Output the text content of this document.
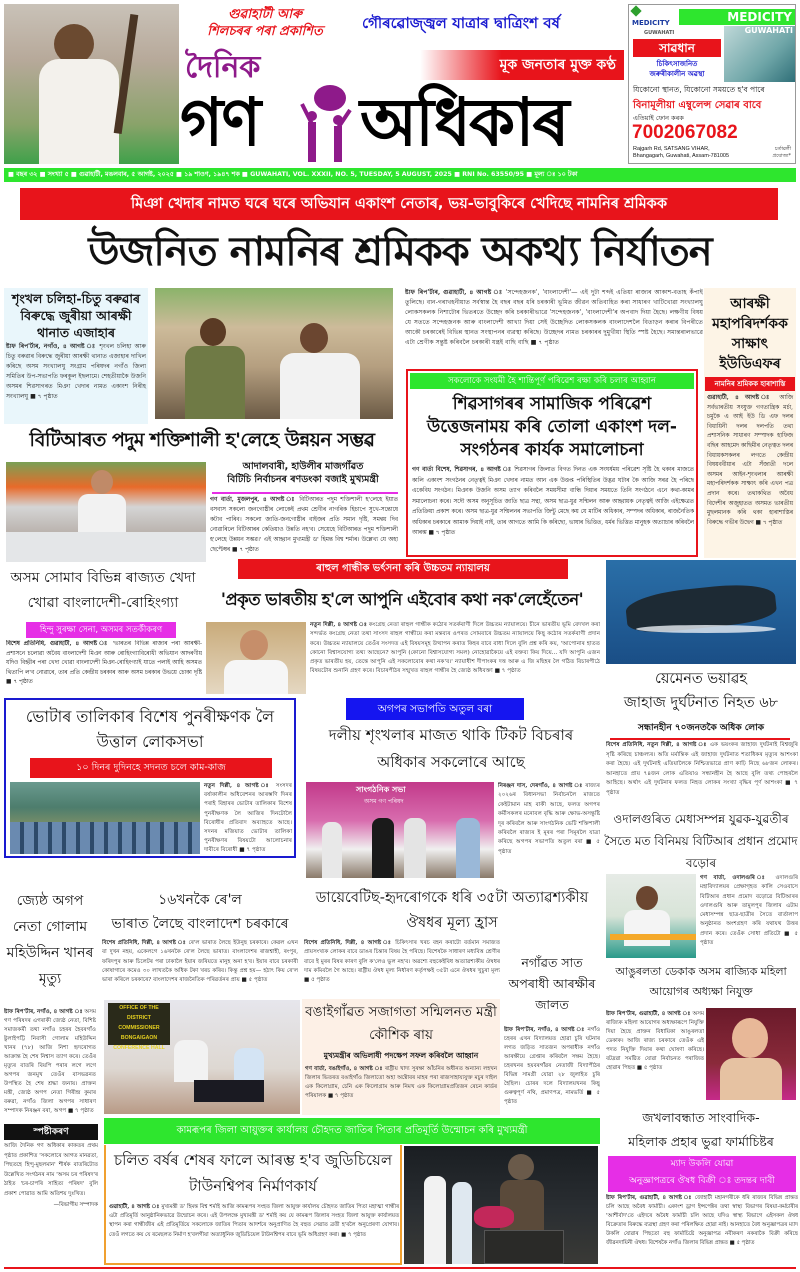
গুৱাহাটী আৰু
শিলচৰৰ পৰা প্ৰকাশিত	গৌৰৱোজ্জ্বল যাত্ৰাৰ দ্বাত্ৰিংশ বৰ্ষ
মূক জনতাৰ মুক্ত কণ্ঠ
দৈনিক
গণ অধিকাৰ
MEDICITY
GUWAHATI
MEDICITY
GUWAHATI
সাৱধান
চিকিৎসাজনিত
জৰুৰীকালীন অৱস্থা
যিকোনো স্থানত, যিকোনো সময়তে হ'ব পাৰে
বিনামূলীয়া এম্বুলেন্স সেৱাৰ বাবে
এতিয়াই ফোন কৰক
7002067082
Rajgarh Rd, SATSANG VIHAR,
Bhangagarh, Guwahati, Assam-781005
চৰ্তাৱলী
প্ৰযোজ্য*
■ বছৰ ৩২ ■ সংখ্যা ৫ ■ গুৱাহাটী, মঙলবাৰ, ৫ আগষ্ট, ২০২৫ ■ ১৯ শাওণ, ১৯৪৭ শক ■ GUWAHATI, VOL. XXXII, NO. 5, TUESDAY, 5 AUGUST, 2025 ■ RNI No. 63550/95 ■ মূল্য ঃ ১০ টকা
মিঞা খেদাৰ নামত ঘৰে ঘৰে অভিযান একাংশ নেতাৰ, ভয়-ভাবুকিৰে খেদিছে নামনিৰ শ্ৰমিকক
উজনিত নামনিৰ শ্ৰমিকক অকথ্য নিৰ্যাতন
শৃংখল চলিহা-চিতু বৰুৱাৰ বিৰুদ্ধে জুৰীয়া আৰক্ষী থানাত এজাহাৰ
ষ্টাফ ৰিপ'ৰ্টাৰ, নগাঁও, ৪ আগষ্ট ঃ শৃংখল চলিহা আৰু চিতু বৰুৱাৰ বিৰুদ্ধে জুৰীয়া আৰক্ষী থানাত এজাহাৰ দাখিল কৰিছে অসম সংখ্যালঘু সংগ্ৰাম পৰিষদৰ নগাঁও জিলা সমিতিৰ উপ-সভাপতি ফৰকুল ইছলামে। শেহতীয়াকৈ উজনি অসমৰ শিৱসাগৰত মিঞা খেদাৰ নামত একাংশ নিৰীহ সংখ্যালঘু ■ ৭ পৃষ্ঠাত
ষ্টাফ ৰিপ'ৰ্টাৰ, গুৱাহাটী, ৪ আগষ্ট ঃ 'সন্দেহজনক', 'বাংলাদেশী'— এই দুটা শব্দই এতিয়া ৰাজ্যৰ আকাশ-বতাহ কঁপাই তুলিছে। বান-গৰাখহনীয়াত সৰ্বস্বান্ত হৈ বছৰ বছৰ ধৰি চৰকাৰী ভূমিত জীৱন অতিবাহিত কৰা সাধাৰণ খাটিখোৱা সংখ্যালঘু লোকসকলক নিশাটোৰ ভিতৰতে উচ্ছেদ কৰি চৰকাৰীভাৱে 'সন্দেহজনক', 'বাংলাদেশী'ৰ অপবাদ দিয়া হৈছে। লক্ষণীয় বিষয় যে সততে সন্দেহজনক আৰু বাংলাদেশী আখ্যা দিয়া সেই উচ্ছেদিত লোকসকলক বাংলাদেশলৈ বিতাড়ন কৰাৰ বিপৰীতে আকৌ চৰকাৰেই বিভিন্ন স্থানত সংস্থাপনৰ ব্যৱস্থা কৰিছে। উচ্ছেদৰ নামত চৰকাৰৰ দুমুখীয়া স্থিতি স্পষ্ট হৈছে। সমান্তৰালভাৱে এটা শ্ৰেণীক সন্তুষ্ট কৰিবলৈ চৰকাৰী যন্ত্ৰই বাছি বাছি ■ ৭ পৃষ্ঠাত
সকলোকে সংযমী হৈ শান্তিপূৰ্ণ পৰিৱেশ ৰক্ষা কৰি চলাৰ আহ্বান
শিৱসাগৰৰ সামাজিক পৰিৱেশ উত্তেজনাময় কৰি তোলা একাংশ দল-সংগঠনৰ কাৰ্যক সমালোচনা
গণ বাৰ্তা বিশেষ, শিৱসাগৰ, ৪ আগষ্ট ঃ শিৱসাগৰ জিলাত বিগত দিনত এক সংঘৰ্ষময় পৰিৱেশ সৃষ্টি হৈ থকাৰ মাজতে কালি একাংশ সংগঠনৰ নেতৃত্বই মিঞা খেদাৰ নামত আন এক উত্তপ্ত পৰিস্থিতিৰ উদ্ভৱ ঘটাৰ কৈ আজি সৰৱ হৈ পৰিছে একেবিধ সংগঠন। মিঞাক উজনি অসম ত্যাগ কৰিবলৈ সময়সীমা বান্ধি দিয়াৰ সময়তে তিনি সংগঠনে এনে কথা-কামৰ সমালোচনা কৰে। সদৌ অসম অনুসূচিত জাতি ছাত্ৰ সন্থা, অসম ছাত্ৰ-যুৱ সন্মিলন আৰু আহ্বায়ক নেতৃত্বই আজি এইক্ষেত্ৰত প্ৰতিক্ৰিয়া প্ৰকাশ কৰে। অসম ছাত্ৰ-যুৱ সন্মিলনৰ সভাপতি জিন্টু মেছে কয় যে মাটিৰ অধিকাৰ, সম্পদৰ অধিকাৰ, ৰাজনৈতিক অধিকাৰ চৰকাৰে আমাক দিয়াই নাই, তাৰ আগতে আমি কি কৰিছো, ভাষাৰ ভিত্তিত, ধৰ্মৰ ভিত্তিত মানুহক অত্যাচাৰ কৰিবলৈ আৰম্ভ ■ ৭ পৃষ্ঠাত
আৰক্ষী মহাপৰিদৰ্শকক সাক্ষাৎ ইউডিএফৰ
নামনিৰ শ্ৰমিকক হাৰাশাস্তি
গুৱাহাটী, ৪ আগষ্ট ঃ আজি সৰ্বভাৰতীয় সংযুক্ত গণতান্ত্ৰিক মৰ্চা, চমুকৈ এ আই ইউ ডি এফ দলৰ বিধায়িনী দলৰ দলপতি তথা প্ৰশাসনিক সাধাৰণ সম্পাদক হাফিজ বছিৰ আহমেদ কাছিমীৰ নেতৃত্বত দলৰ বিধায়কসকলৰ লগতে কেন্দ্ৰীয় বিষয়ববীয়াৰ এটা সঁজাতী দলে অসমৰ আইন-শৃংখলাৰ আৰক্ষী মহাপৰিদৰ্শকক সাক্ষাৎ কৰি এখন পত্ৰ প্ৰদান কৰে। তথাকথিত অবৈধ বিদেশীৰ অজুহাতত অসমত ভাৰতীয় মুছলমানক কৰি থকা হাৰাশাস্তিৰ বিৰুদ্ধে গভীৰ উদ্বেগ ■ ৭ পৃষ্ঠাত
বিটিআৰত পদুম শক্তিশালী হ'লেহে উন্নয়ন সম্ভৱ
আদালবাৰী, হাউলীৰ মাজগাঁৱত
বিটিচি নিৰ্বাচনৰ ৰণডংকা বজাই মুখ্যমন্ত্ৰী
গণ বাৰ্তা, মুজলপুৰ, ৪ আগষ্ট ঃ বিটিআৰত পদুম শক্তিশালী হ'লেহে ইয়াত বসবাস সকলো জনগোষ্ঠীৰ লোকেই প্ৰথম শ্ৰেণীৰ নাগৰিক হিচাপে সুখে-সন্তোষে কটাব পাৰিব। সকলো জাতি-জনগোষ্ঠীৰ বাইজৰ প্ৰতি সমান দৃষ্টি, সমন্বয় দিব নোৱাৰিলে বিটিআৰৰ কেতিয়াও উন্নতি নহ'ব। সেয়েহে বিটিআৰত পদুম শক্তিশালী হ'লেহে উন্নয়ন সম্ভৱ।' এই আহ্বান মুখ্যমন্ত্ৰী ড' হিমন্ত বিশ্ব শৰ্মাৰ। উল্লেখ্য যে অহা ছেপ্টেম্বৰ ■ ৭ পৃষ্ঠাত
অসম সোমাব বিভিন্ন ৰাজ্যত খেদা খোৱা বাংলাদেশী-ৰোহিংগ্যা
হিন্দু সুৰক্ষা সেনা, অসমৰ সতৰ্কীকৰণ
বিশেষ প্ৰতিনিধি, গুৱাহাটী, ৪ আগষ্ট ঃ 'ভাৰতৰ বিভিন্ন ৰাজ্যৰ পৰা আৰক্ষী-প্ৰশাসনে চলোৱা অবৈধ বাংলাদেশী মিঞা আৰু ৰোহিংগ্যাবিৰোধী অভিযান আদৰণীয় যদিও বিহ্বীৰ পৰা খেদা খোৱা বাংলাদেশী মিঞা-ৰোহিংগ্যাই যাতে পলাই আহি অসমত থিতাপি ল'ব নোৱাৰে, তাৰ প্ৰতি কেন্দ্ৰীয় চৰকাৰ আৰু অসম চৰকাৰ উভয়ে চোকা দৃষ্টি ■ ৭ পৃষ্ঠাত
ৰাহুল গান্ধীক ভৰ্ৎসনা কৰি উচ্চতম ন্যায়ালয়
'প্ৰকৃত ভাৰতীয় হ'লে আপুনি এইবোৰ কথা নক'লেহেঁতেন'
নতুন দিল্লী, ৪ আগষ্ট ঃ কংগ্ৰেছ নেতা ৰাহুল গান্ধীক কঠোৰ সতৰ্কবাণী দিলে উচ্চতম ন্যায়ালয়ে। চীনে ভাৰতীয় ভূমি বেদখল কৰা সন্দৰ্ভত কংগ্ৰেছ নেতা তথা সাংসদ ৰাহুল গান্ধীয়ে কৰা মন্তব্যৰ ওপৰত সোমবাৰে উচ্চতম ন্যায়ালয়ে কিছু কঠোৰ সতৰ্কবাণী প্ৰদান কৰে। উচ্চতম ন্যায়ালয়ে তেওঁৰ সংসদত এই বিষয়সমূহ উত্থাপন কৰাত কিহৰ বাবে বাধা দিলে বুলি প্ৰশ্ন কৰি কয়, 'আপোনাৰ হাতত কোনো বিশ্বাসযোগ্য তথ্য আছেনে? আপুনি (কোনো বিশ্বাসযোগ্য সমল) নোহোৱাকৈয়ে এই বক্তব্য কিয় দিয়ে... যদি আপুনি এজন প্ৰকৃত ভাৰতীয় হয়, তেন্তে আপুনি এই সকলোবোৰ কথা নক'ব।' ন্যায়াধীশ দীপাংকৰ দত্ত আৰু এ জি মছিহৰ লৈ গঠিত বিচাৰপীঠে বিষয়টোৰ শুনানি গ্ৰহণ কৰে। বিচাৰপীঠৰ সন্মুখত ৰাহুল গান্ধীৰ হৈ জ্যেষ্ঠ অধিবক্তা ■ ৭ পৃষ্ঠাত	য়েমেনত ভয়াৱহ
জাহাজ দুৰ্ঘটনাত নিহত ৬৮
সন্ধানহীন ৭০জনতকৈ অধিক লোক
বিশেষ প্ৰতিনিধি, নতুন দিল্লী, ৪ আগষ্ট ঃ এক ভয়ংকৰ জাহাজ দুৰ্ঘটনাই বিশ্বজুৰি সৃষ্টি কৰিছে চাঞ্চল্যৰ। অতি মৰ্মান্তিক এই জাহাজ দুৰ্ঘটনাত শতাধিকৰ মৃত্যুৰ আশংকা কৰা হৈছে। এই দুৰ্ঘটনাই এতিয়ালৈকে নিশ্চিতভাৱে প্ৰাণ কাঢ়ি নিছে ৬৮জন লোকৰ। আনহাতে প্ৰায় ৭৪জন লোক এতিয়াও সন্ধানহীন হৈ আছে বুলি তথ্য পোহৰলৈ আহিছে। অৰ্থাৎ এই দুৰ্ঘটনাৰ ফলত নিহত লোকৰ সংখ্যা বৃদ্ধিৰ পূৰ্ণ আশংকা ■ ৭ পৃষ্ঠাত
ভোটাৰ তালিকাৰ বিশেষ পুনৰীক্ষণক লৈ উত্তাল লোকসভা
১০ দিনৰ দুদিনহে সদনত চলে কাম-কাজ
নতুন দিল্লী, ৪ আগষ্ট ঃ সংসদৰ বৰ্ষাকালীন অধিবেশনৰ আৰম্ভণি দিনৰ পৰাই বিহাৰৰ ভোটাৰ তালিকাৰ বিশেষ পুনৰীক্ষণক লৈ আজিৰ দিনটোলৈ বিৰোধীৰ প্ৰতিবাদ অব্যাহতে আছে। সদনৰ মজিয়াত ভোটাৰ তালিকা পুনৰীক্ষণৰ বিষয়টো আলোচনাৰ দাবীৰে বিৰোধী ■ ৭ পৃষ্ঠাত
অগপৰ সভাপতি অতুল বৰা
দলীয় শৃংখলাৰ মাজত থাকি টিকট বিচৰাৰ অধিকাৰ সকলোৰে আছে
সাংগঠনিক সভা
অসম গণ পৰিষদ
নিৰঞ্জন দাস, দেৰগাঁও, ৪ আগষ্ট ঃ ৰাজ্যৰ ২০২৬ৰ বিধানসভা নিৰ্বাচনলৈ মাজতে কেইটামান মাহ বাকী আছে, ফলত অগপৰ কৰ্মীসকলৰ মনোবল বৃদ্ধি আৰু ক্ষোভ-অসন্তুষ্টি দূৰ কৰিবলৈ আৰু সাংগঠনিক ভেটি শক্তিশালী কৰিবলৈ ৰাজ্যৰ ই মূৰৰ পৰা সিমূৰলৈ যাত্ৰা কৰিছে অগপৰ সভাপতি অতুল বৰা ■ ৫ পৃষ্ঠাত
ওদালগুৰিত মেধাসম্পন্ন যুৱক-যুৱতীৰ সৈতে মত বিনিময় বিটিআৰ প্ৰধান প্ৰমোদ বড়োৰ
গণ বাৰ্তা, ওদালগুৰি ঃ ওদালগুৰি মহাবিদ্যালয়ৰ প্ৰেক্ষাগৃহত কালি সেওবাসে বিটিআৰ প্ৰধান প্ৰমোদ বড়োৱে বিটিআৰৰ ওদালগুৰি আৰু তামুলপুৰ জিলাৰ এটাম মেধাসম্পন্ন ছাত্ৰ-ছাত্ৰীৰ সৈতে বাৰ্তালাপ অনুষ্ঠানত অংশগ্ৰহণ কৰি যথাযথ উত্তৰ প্ৰদান কৰে। তেওঁক সোধা প্ৰতিটো ■ ৫ পৃষ্ঠাত
জ্যেষ্ঠ অগপ নেতা গোলাম মহিউদ্দিন খানৰ মৃত্যু
ষ্টাফ ৰিপ'ৰ্টাৰ, নগাঁও, ৪ আগষ্ট ঃ অসম গণ পৰিষদৰ এগৰাকী জ্যেষ্ঠ নেতা, বিশিষ্ট সমাজকৰ্মী তথা নগাঁও চহৰৰ হৈবৰগাঁও ষ্টুলাইপট্টি নিবাসী গোলাম মহিউদ্দিন খানৰ (৭৮) আজি নিশা হৃদৰোগত আক্ৰান্ত হৈ শেষ নিশ্বাস ত্যাগ কৰে। তেওঁৰ মৃত্যুৰ বাতৰি বিয়পি পৰাৰ লগে লগে অগপৰ জনমুখ তেওঁৰ বাসভৱনত উপস্থিত হৈ শেষ শ্ৰদ্ধা জনায়। প্ৰাক্তন মন্ত্ৰী, জ্যেষ্ঠ অগপ নেতা গিৰীন্দ্ৰ কুমাৰ বৰুৱা, নগাঁও জিলা অগপৰ সাধাৰণ সম্পাদক নিৰঞ্জন বৰা, অগপ ■ ৭ পৃষ্ঠাত
১৬খনকৈ ৰে'ল
ভাৰাত লৈছে বাংলাদেশ চৰকাৰে
বিশেষ প্ৰতিনিধি, দিল্লী, ৪ আগষ্ট ঃ ৰে'ল ভাৰাত লৈছে ইউনুছ চৰকাৰে। কেৱল এখন বা দুখন নহয়, একেলগে ১৬খনকৈ ৰে'ল লৈছে ভাৰাত। বাংলাদেশৰ ৰাজশ্বাহী, ৰংপুৰ, ফৰিদপুৰ আৰু চিলেটৰ পৰা ঢাকালৈ ইয়াৰ জৰিয়তে মানুহ অনা হ'ব। ইয়াৰ বাবে চৰকাৰী কোষাগাৰে কমেও ৩০ লাখতকৈ অধিক টকা খৰচ কৰিব। কিন্তু প্ৰশ্ন হয়— হঠাৎ কিয় ৰে'ল ভাৰা কৰিলে চৰকাৰে? বাংলাদেশৰ ৰাজনৈতিক পৰিৱৰ্তনৰ প্ৰায় ■ ৫ পৃষ্ঠাত
ডায়েবেটিছ-হৃদৰোগকে ধৰি ৩৫টা অত্যাৱশ্যকীয় ঔষধৰ মূল্য হ্ৰাস
বিশেষ প্ৰতিনিধি, দিল্লী, ৪ আগষ্ট ঃ চিকিৎসাৰ খৰচ বহন কৰাটো বৰ্তমান সমাজত প্ৰায়সংখ্যক লোকৰ বাবে ডাঙৰ চিন্তাৰ বিষয় হৈ পৰিছে। বিশেষকৈ সাধাৰণ মধ্যবিত্ত শ্ৰেণীৰ বাবে ই মুৰৰ বিষৰ কাৰণ বুলি ক'লেও ভুল নহ'ব। অৱশ্যে বহুকেইবিধ অত্যাৱশ্যকীয় ঔষধৰ দাম কমিবলৈ গৈ আছে। ৰাষ্ট্ৰীয় ঔষধ মূল্য নিৰ্ধাৰণ কৰ্তৃপক্ষই ৩৫টা এনে ঔষধৰ খুচুৰা মূল্য ■ ৫ পৃষ্ঠাত
নগাঁৱত সাত অপৰাধী আৰক্ষীৰ জালত
ষ্টাফ ৰিপ'ৰ্টাৰ, নগাঁও, ৪ আগষ্ট ঃ নগাঁও চহৰৰ এখন বিদ্যালয়ত হোৱা চুৰি ঘটনাৰ লগত জড়িত সাতজন অপৰাধীক নগাঁও আৰক্ষীয়ে গ্ৰেপ্তাৰ কৰিবলৈ সক্ষম হৈছে। চহৰখনৰ হয়বৰগাঁৱৰ নেতাজী বিদ্যাপীঠৰ বিভিন্ন সামগ্ৰী যোৱা ২৮ জুলাইত চুৰি হৈছিল। চোৰৰ দলে বিদ্যালয়খনৰ কিছু গুৰুত্বপূৰ্ণ নথি, প্ৰমাণপত্ৰ, নামভৰ্তি ■ ৫ পৃষ্ঠাত
আঙুৰলতা ডেকাক অসম ৰাজ্যিক মহিলা আয়োগৰ অধ্যক্ষা নিযুক্ত
ষ্টাফ ৰিপ'ৰ্টাৰ, গুৱাহাটী, ৪ আগষ্ট ঃ অসম ৰাজ্যিক মহিলা আয়োগৰ অধ্যক্ষাৰূপে নিযুক্তি দিয়া হৈছে প্ৰাক্তন বিধায়িকা আঙুৰলতা ডেকাক। আজি ৰাজ্য চৰকাৰে তেওঁক এই পদত নিযুক্তি দিয়াৰ কথা ঘোষণা কৰিছে। বটদ্ৰৱা সমষ্টিত যোৱা নিৰ্বাচনত পৰাজিত হোৱাৰ পিছত ■ ৫ পৃষ্ঠাত
OFFICE OF THE
DISTRICT COMMISSIONER
BONGAIGAON
CONFERENCE HALL
বঙাইগাঁৱত সজাগতা সন্মিলনত মন্ত্ৰী কৌশিক ৰায়
মুখ্যমন্ত্ৰীৰ অভিলাষী পদক্ষেপ সফল কৰিবলৈ আহ্বান
গণ বাৰ্তা, বঙাইগাঁও, ৪ আগষ্ট ঃ ৰাষ্ট্ৰীয় খাদ্য সুৰক্ষা আঁচনিৰ অধীনত অন্যান্য লহখন জিলাৰ ভিতৰত বঙাইগাঁও জিলাতো অহা অক্টোবৰ মাহৰ পৰা ৰাজসাহায্যযুক্ত মচুৰ দাইল এক কিলোগ্ৰাম, চেনি এক কিলোগ্ৰাম আৰু নিমখ এক কিলোগ্ৰামপ্ৰতিজন ৰেচন কাৰ্ডৰ পৰিয়ালক ■ ৭ পৃষ্ঠাত
জখলাবন্ধাত সাংবাদিক-
মহিলাক প্ৰহাৰ ভুৱা ফাৰ্মাচিষ্টৰ
ম্যাদ উকলি যোৱা
অনুজ্ঞাপত্ৰৰে ঔষধ বিক্ৰী ঃ তদন্তৰ দাবী
ষ্টাফ ৰিপ'ৰ্টাৰ, গুৱাহাটী, ৪ আগষ্ট ঃ জোহাটী মহানগৰীকে ধৰি ৰাজ্যৰ বিভিন্ন প্ৰান্তত চলি আছে অবৈধ ফাৰ্মাচী। একাংশ ড্ৰাগ ইন্সপেক্টৰ তথা স্বাস্থ্য বিভাগৰ বিষয়া-কৰ্মচাৰীৰ 'আশীৰ্বাদ'তে এইদৰে অবৈধ ফাৰ্মাচী চলি আছে যদিও স্বাস্থ্য বিভাগে এইসকল ঔষধ বিক্ৰেতাৰ বিৰুদ্ধে ব্যৱস্থা গ্ৰহণ কৰা পৰিলক্ষিত হোৱা নাই। আনহাতে বৈধ অনুজ্ঞাপত্ৰৰ ম্যাদ উকলি যোৱাৰ পিছতো বহু ফাৰ্মাচিষ্টে অনুজ্ঞাপত্ৰ নবীকৰণ নকৰাকৈ বিক্ৰী কৰিছে জীৱনদায়িনী ঔষধ। বিশেষকৈ নগাঁও জিলাৰ বিভিন্ন প্ৰান্তত ■ ৫ পৃষ্ঠাত
স্পষ্টীকৰণ
আজি দৈনিক গণ অধিকাৰ কাকতৰ প্ৰথম পৃষ্ঠাত প্ৰকাশিত 'সকলোৰে আগত মানৱতা, পিছতহে হিন্দু-মুছলমান' শীৰ্ষক বাতৰিটোত উল্লেখিত সংগঠনৰ নাম 'অসম চৰ পৰিষদ'ৰ ঠাইত 'চৰ-চাপৰি সাহিত্য পৰিষদ' বুলি প্ৰকাশ পোৱাত আমি অতিশয় দুঃখিত।
—বিভাগীয় সম্পাদক
কামৰূপৰ জিলা আয়ুক্তৰ কাৰ্যালয় চৌহদত জাতিৰ পিতাৰ প্ৰতিমূৰ্তি উন্মোচন কৰি মুখ্যমন্ত্ৰী
চলিত বৰ্ষৰ শেষৰ ফালে আৰম্ভ হ'ব জুডিচিয়েল টাউনশ্বিপৰ নিৰ্মাণকাৰ্য
গুৱাহাটী, ৪ আগষ্ট ঃ মুখ্যমন্ত্ৰী ড' হিমন্ত বিশ্ব শৰ্মাই আজি কামৰূপৰ সংহত জিলা আয়ুক্ত কাৰ্যালয় চৌহদত জাতিৰ পিতা মহাত্মা গান্ধীৰ এটা প্ৰতিমূৰ্তি আনুষ্ঠানিকভাৱে উন্মোচন কৰে। এই উপলক্ষে মুখ্যমন্ত্ৰী ড' শৰ্মাই কয় যে কামৰূপ জিলাৰ সংহত জিলা আয়ুক্ত কাৰ্যালয়ত স্থাপন কৰা গান্ধীজীৰ এই প্ৰতিমূৰ্তিয়ে সকলোকে জাতিৰ পিতাৰ আদৰ্শৰে অনুপ্ৰাণিত হৈ বহুত সেৱাত ব্ৰতী হ'বলৈ অনুপ্ৰেৰণা যোগাব। তেওঁ লগতে কয় যে ৰমেছলত নিৰ্মাণ হ'বলগীয়া অত্যাধুনিক জুডিচিয়েল টাউনশ্বিপৰ বাবে ভূমি অধিগ্ৰহণ কৰা। ■ ৭ পৃষ্ঠাত
